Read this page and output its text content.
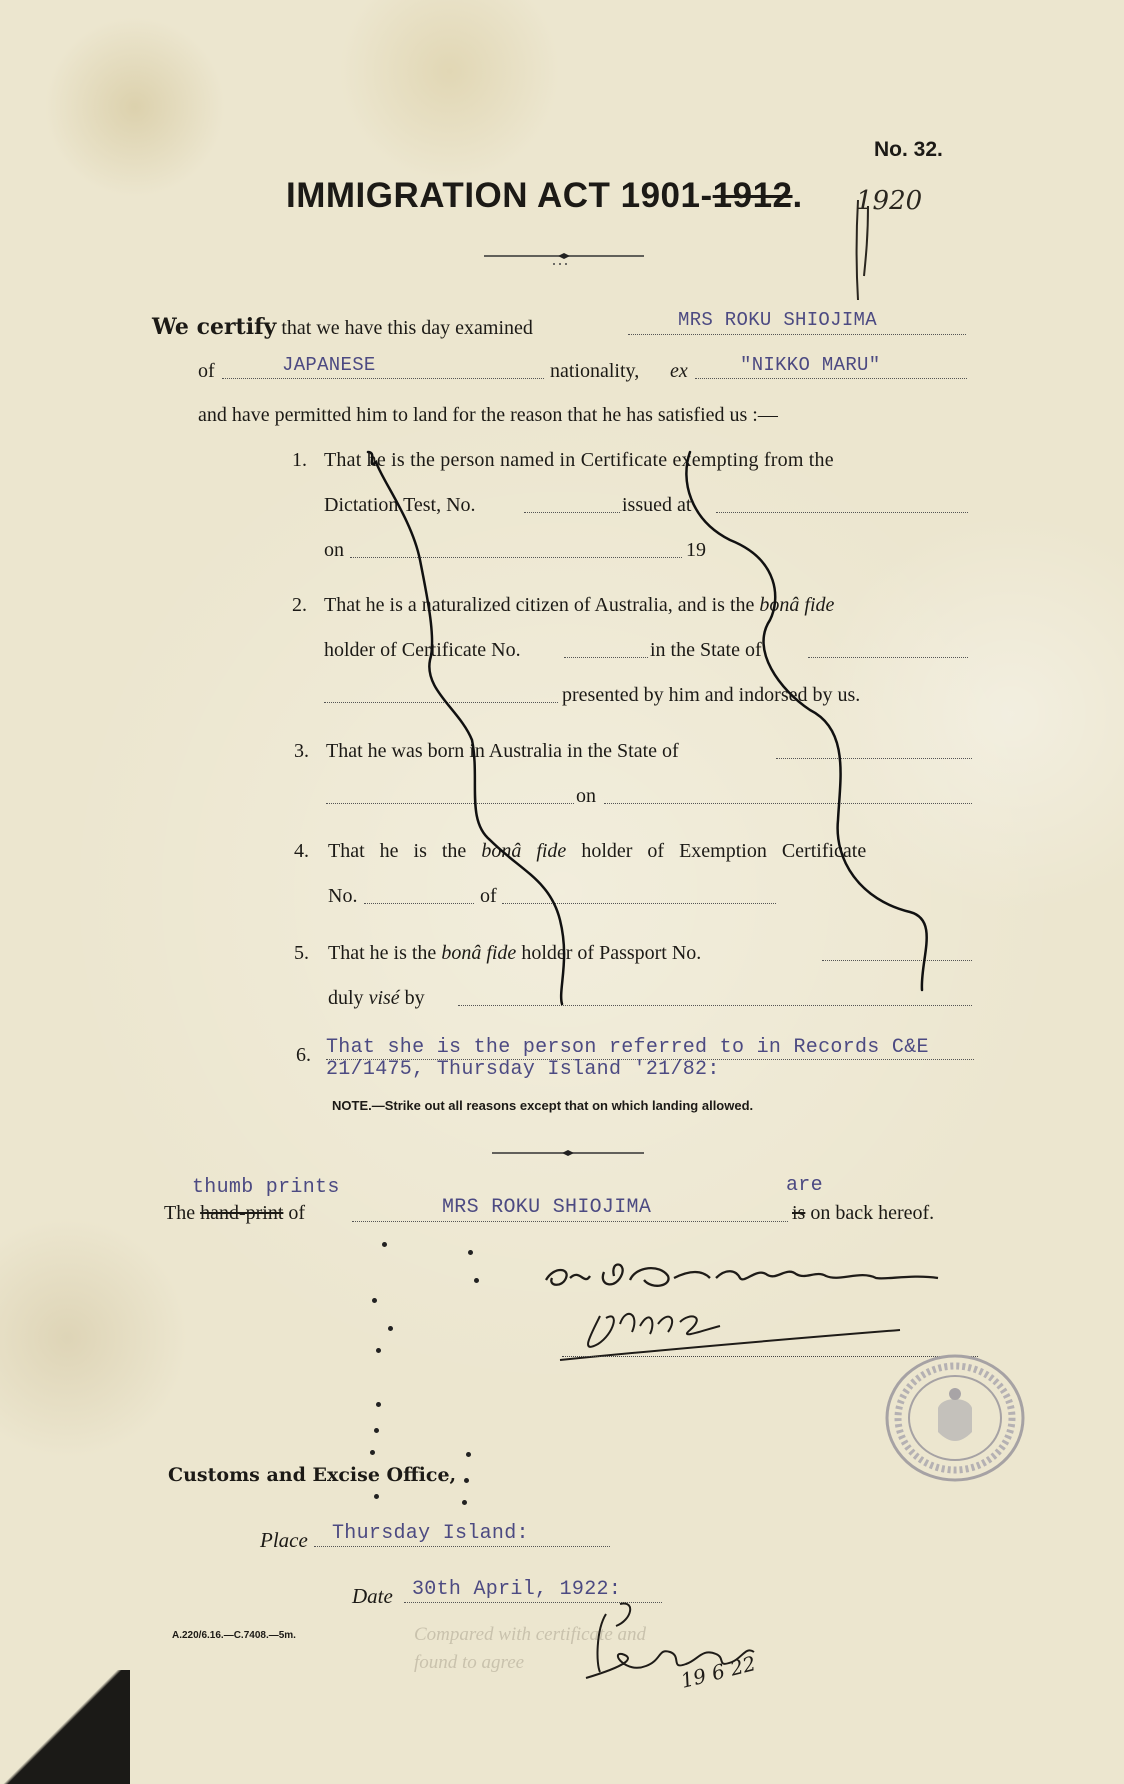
No. 32.
IMMIGRATION ACT 1901-1912. 1920
We certify that we have this day examined	MRS ROKU SHIOJIMA
of	JAPANESE	nationality, ex	"NIKKO MARU"
and have permitted him to land for the reason that he has satisfied us :—
1. That he is the person named in Certificate exempting from the
Dictation Test, No.	issued at
on	19
2. That he is a naturalized citizen of Australia, and is the bonâ fide
holder of Certificate No.	in the State of
presented by him and indorsed by us.
3. That he was born in Australia in the State of
on
4. That he is the bonâ fide holder of Exemption Certificate
No.	of
5. That he is the bonâ fide holder of Passport No.
duly visé by
6. That she is the person referred to in Records C&E
21/1475, Thursday Island '21/82:
NOTE.—Strike out all reasons except that on which landing allowed.
thumb prints	are
The hand-print of	MRS ROKU SHIOJIMA	is on back hereof.
Customs and Excise Office,
Place Thursday Island:
Date 30th April, 1922:
A.220/6.16.—C.7408.—5m.	Compared with certificate and
found to agree	19 6 22
